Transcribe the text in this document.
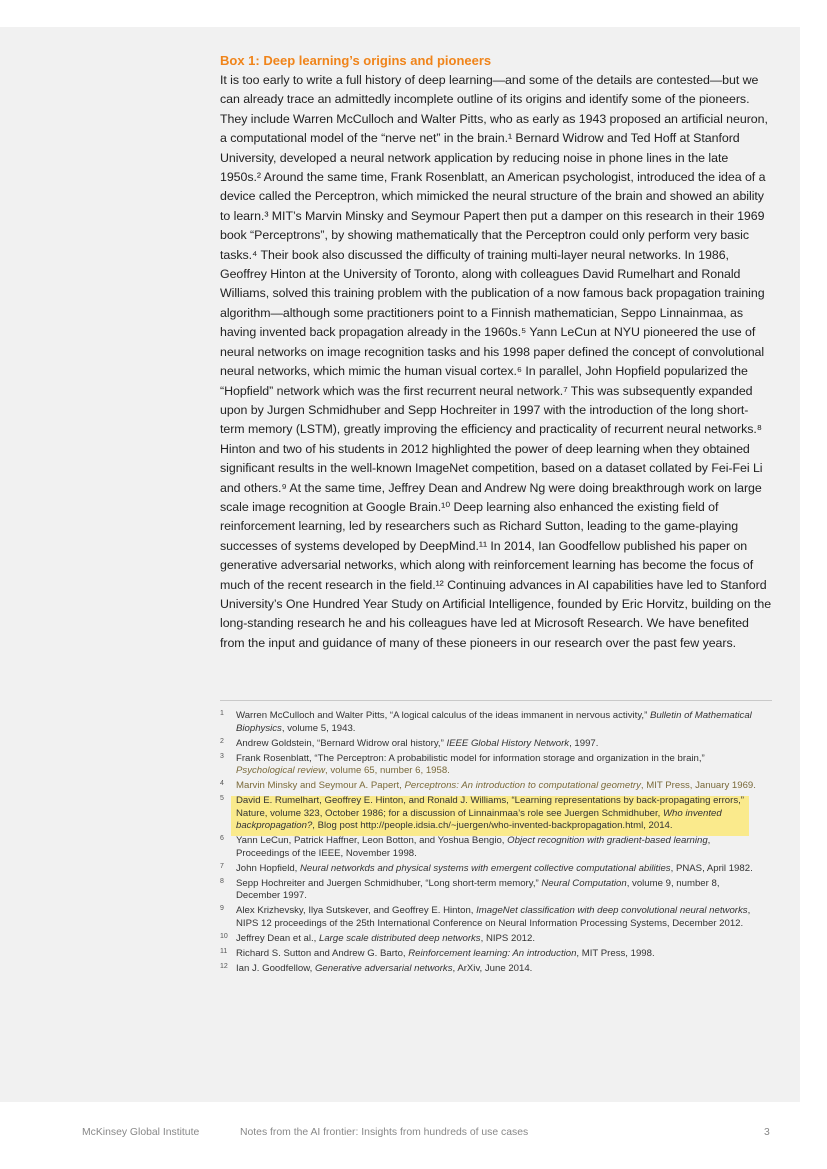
Box 1: Deep learning’s origins and pioneers

It is too early to write a full history of deep learning—and some of the details are contested—but we can already trace an admittedly incomplete outline of its origins and identify some of the pioneers. They include Warren McCulloch and Walter Pitts, who as early as 1943 proposed an artificial neuron, a computational model of the “nerve net” in the brain.¹ Bernard Widrow and Ted Hoff at Stanford University, developed a neural network application by reducing noise in phone lines in the late 1950s.² Around the same time, Frank Rosenblatt, an American psychologist, introduced the idea of a device called the Perceptron, which mimicked the neural structure of the brain and showed an ability to learn.³ MIT’s Marvin Minsky and Seymour Papert then put a damper on this research in their 1969 book “Perceptrons”, by showing mathematically that the Perceptron could only perform very basic tasks.⁴ Their book also discussed the difficulty of training multi-layer neural networks. In 1986, Geoffrey Hinton at the University of Toronto, along with colleagues David Rumelhart and Ronald Williams, solved this training problem with the publication of a now famous back propagation training algorithm—although some practitioners point to a Finnish mathematician, Seppo Linnainmaa, as having invented back propagation already in the 1960s.⁵ Yann LeCun at NYU pioneered the use of neural networks on image recognition tasks and his 1998 paper defined the concept of convolutional neural networks, which mimic the human visual cortex.⁶ In parallel, John Hopfield popularized the “Hopfield” network which was the first recurrent neural network.⁷ This was subsequently expanded upon by Jurgen Schmidhuber and Sepp Hochreiter in 1997 with the introduction of the long short-term memory (LSTM), greatly improving the efficiency and practicality of recurrent neural networks.⁸ Hinton and two of his students in 2012 highlighted the power of deep learning when they obtained significant results in the well-known ImageNet competition, based on a dataset collated by Fei-Fei Li and others.⁹ At the same time, Jeffrey Dean and Andrew Ng were doing breakthrough work on large scale image recognition at Google Brain.¹⁰ Deep learning also enhanced the existing field of reinforcement learning, led by researchers such as Richard Sutton, leading to the game-playing successes of systems developed by DeepMind.¹¹ In 2014, Ian Goodfellow published his paper on generative adversarial networks, which along with reinforcement learning has become the focus of much of the recent research in the field.¹² Continuing advances in AI capabilities have led to Stanford University’s One Hundred Year Study on Artificial Intelligence, founded by Eric Horvitz, building on the long-standing research he and his colleagues have led at Microsoft Research. We have benefited from the input and guidance of many of these pioneers in our research over the past few years.

1 Warren McCulloch and Walter Pitts, “A logical calculus of the ideas immanent in nervous activity,” Bulletin of Mathematical Biophysics, volume 5, 1943.
2 Andrew Goldstein, “Bernard Widrow oral history,” IEEE Global History Network, 1997.
3 Frank Rosenblatt, “The Perceptron: A probabilistic model for information storage and organization in the brain,” Psychological review, volume 65, number 6, 1958.
4 Marvin Minsky and Seymour A. Papert, Perceptrons: An introduction to computational geometry, MIT Press, January 1969.
5 David E. Rumelhart, Geoffrey E. Hinton, and Ronald J. Williams, “Learning representations by back-propagating errors,” Nature, volume 323, October 1986; for a discussion of Linnainmaa’s role see Juergen Schmidhuber, Who invented backpropagation?, Blog post http://people.idsia.ch/~juergen/who-invented-backpropagation.html, 2014.
6 Yann LeCun, Patrick Haffner, Leon Botton, and Yoshua Bengio, Object recognition with gradient-based learning, Proceedings of the IEEE, November 1998.
7 John Hopfield, Neural networkds and physical systems with emergent collective computational abilities, PNAS, April 1982.
8 Sepp Hochreiter and Juergen Schmidhuber, “Long short-term memory,” Neural Computation, volume 9, number 8, December 1997.
9 Alex Krizhevsky, Ilya Sutskever, and Geoffrey E. Hinton, ImageNet classification with deep convolutional neural networks, NIPS 12 proceedings of the 25th International Conference on Neural Information Processing Systems, December 2012.
10 Jeffrey Dean et al., Large scale distributed deep networks, NIPS 2012.
11 Richard S. Sutton and Andrew G. Barto, Reinforcement learning: An introduction, MIT Press, 1998.
12 Ian J. Goodfellow, Generative adversarial networks, ArXiv, June 2014.
McKinsey Global Institute	Notes from the AI frontier: Insights from hundreds of use cases	3
